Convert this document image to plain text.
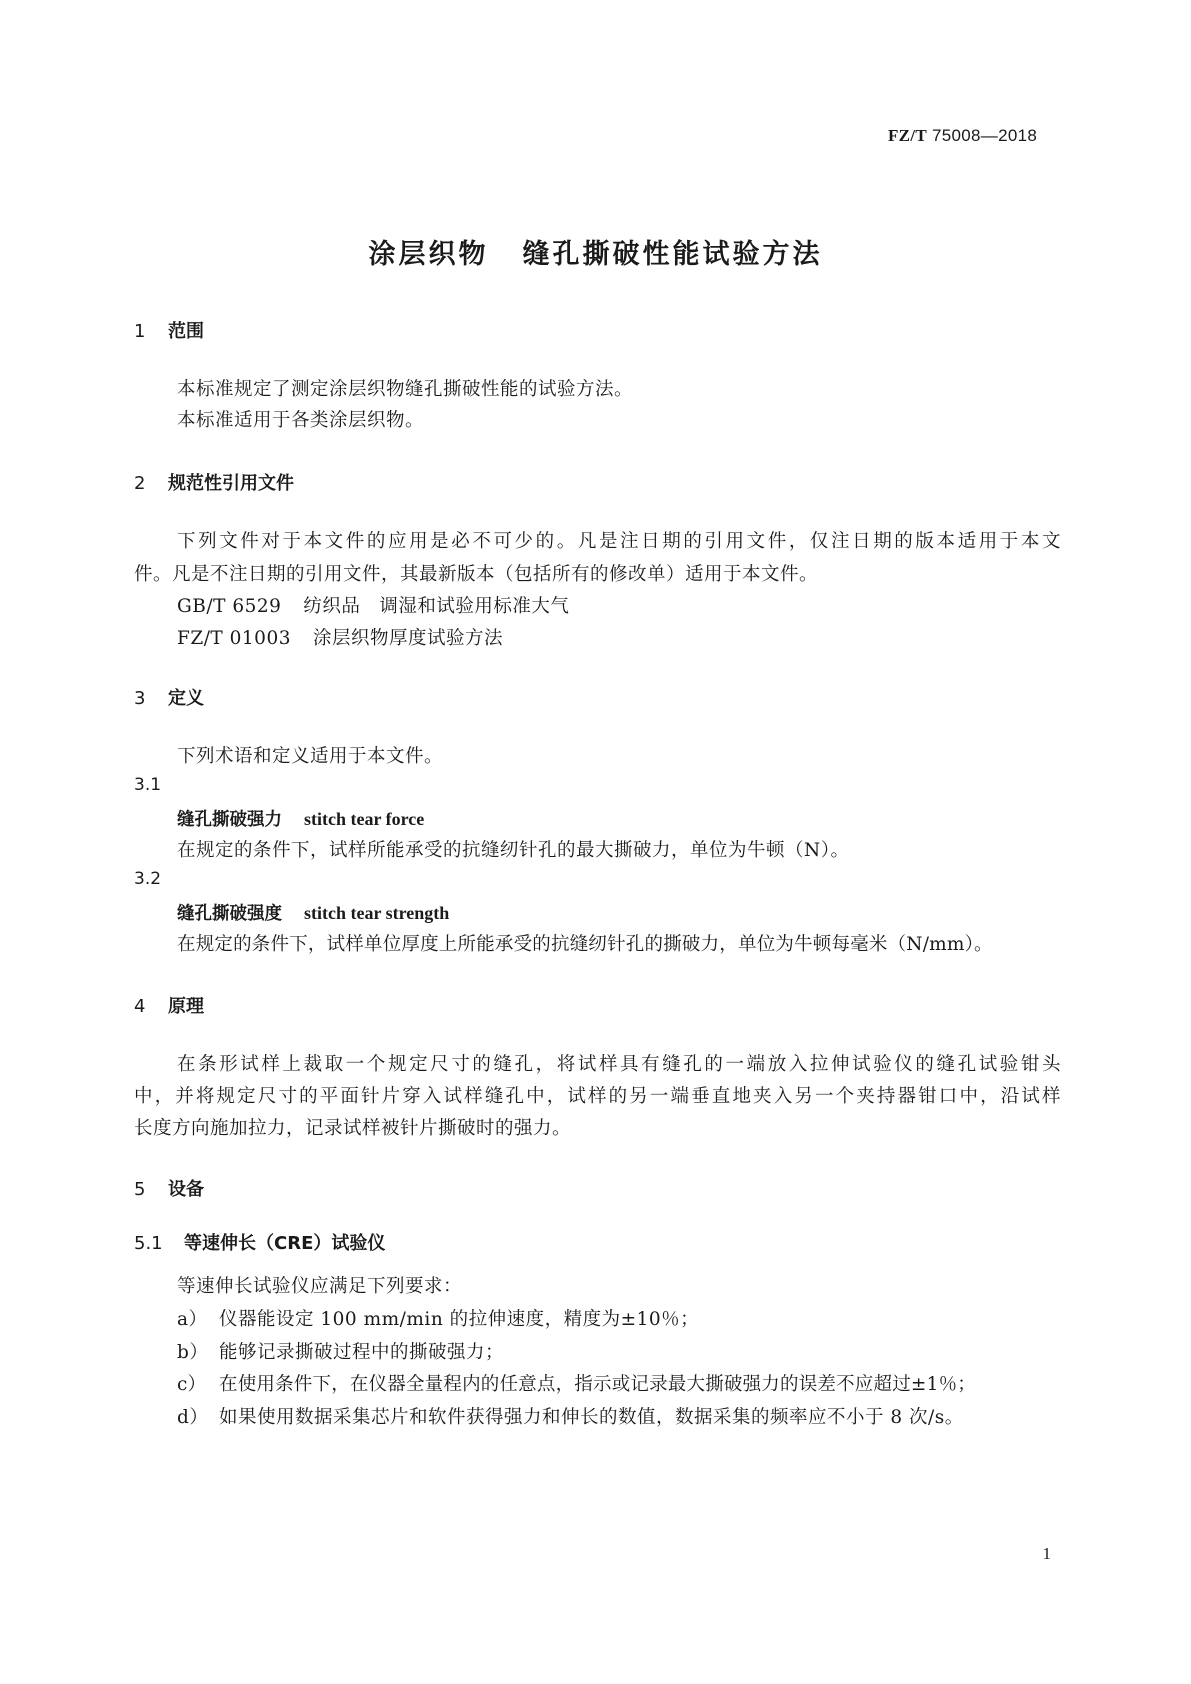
FZ/T 75008—2018
涂层织物 缝孔撕破性能试验方法
1 范围
本标准规定了测定涂层织物缝孔撕破性能的试验方法。
本标准适用于各类涂层织物。
2 规范性引用文件
下列文件对于本文件的应用是必不可少的。凡是注日期的引用文件，仅注日期的版本适用于本文
件。凡是不注日期的引用文件，其最新版本（包括所有的修改单）适用于本文件。
GB/T 6529 纺织品　调湿和试验用标准大气
FZ/T 01003 涂层织物厚度试验方法
3 定义
下列术语和定义适用于本文件。
3.1
缝孔撕破强力 stitch tear force
在规定的条件下，试样所能承受的抗缝纫针孔的最大撕破力，单位为牛顿（N）。
3.2
缝孔撕破强度 stitch tear strength
在规定的条件下，试样单位厚度上所能承受的抗缝纫针孔的撕破力，单位为牛顿每毫米（N/mm）。
4 原理
在条形试样上裁取一个规定尺寸的缝孔，将试样具有缝孔的一端放入拉伸试验仪的缝孔试验钳头
中，并将规定尺寸的平面针片穿入试样缝孔中，试样的另一端垂直地夹入另一个夹持器钳口中，沿试样
长度方向施加拉力，记录试样被针片撕破时的强力。
5 设备
5.1 等速伸长（CRE）试验仪
等速伸长试验仪应满足下列要求：
a） 仪器能设定 100 mm/min 的拉伸速度，精度为±10％；
b） 能够记录撕破过程中的撕破强力；
c） 在使用条件下，在仪器全量程内的任意点，指示或记录最大撕破强力的误差不应超过±1％；
d） 如果使用数据采集芯片和软件获得强力和伸长的数值，数据采集的频率应不小于 8 次/s。
1
